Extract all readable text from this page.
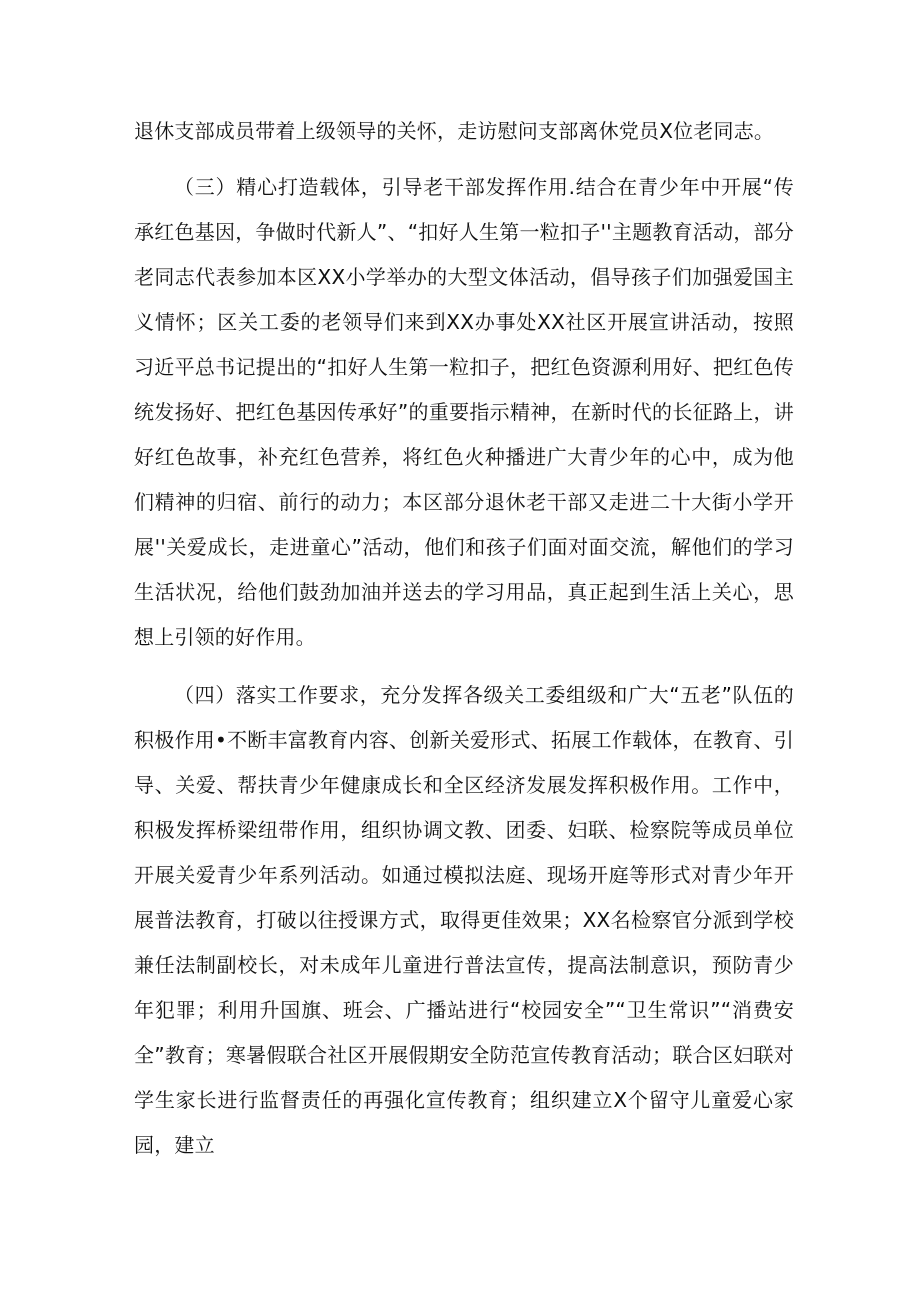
退休支部成员带着上级领导的关怀，走访慰问支部离休党员X位老同志。

（三）精心打造载体，引导老干部发挥作用.结合在青少年中开展“传承红色基因，争做时代新人”、“扣好人生第一粒扣子''主题教育活动，部分老同志代表参加本区XX小学举办的大型文体活动，倡导孩子们加强爱国主义情怀；区关工委的老领导们来到XX办事处XX社区开展宣讲活动，按照习近平总书记提出的“扣好人生第一粒扣子，把红色资源利用好、把红色传统发扬好、把红色基因传承好”的重要指示精神，在新时代的长征路上，讲好红色故事，补充红色营养，将红色火种播进广大青少年的心中，成为他们精神的归宿、前行的动力；本区部分退休老干部又走进二十大街小学开展''关爱成长，走进童心”活动，他们和孩子们面对面交流，解他们的学习生活状况，给他们鼓劲加油并送去的学习用品，真正起到生活上关心，思想上引领的好作用。

（四）落实工作要求，充分发挥各级关工委组级和广大“五老”队伍的积极作用•不断丰富教育内容、创新关爱形式、拓展工作载体，在教育、引导、关爱、帮扶青少年健康成长和全区经济发展发挥积极作用。工作中，积极发挥桥梁纽带作用，组织协调文教、团委、妇联、检察院等成员单位开展关爱青少年系列活动。如通过模拟法庭、现场开庭等形式对青少年开展普法教育，打破以往授课方式，取得更佳效果；XX名检察官分派到学校兼任法制副校长，对未成年儿童进行普法宣传，提高法制意识，预防青少年犯罪；利用升国旗、班会、广播站进行“校园安全”“卫生常识”“消费安全”教育；寒暑假联合社区开展假期安全防范宣传教育活动；联合区妇联对学生家长进行监督责任的再强化宣传教育；组织建立X个留守儿童爱心家园，建立
